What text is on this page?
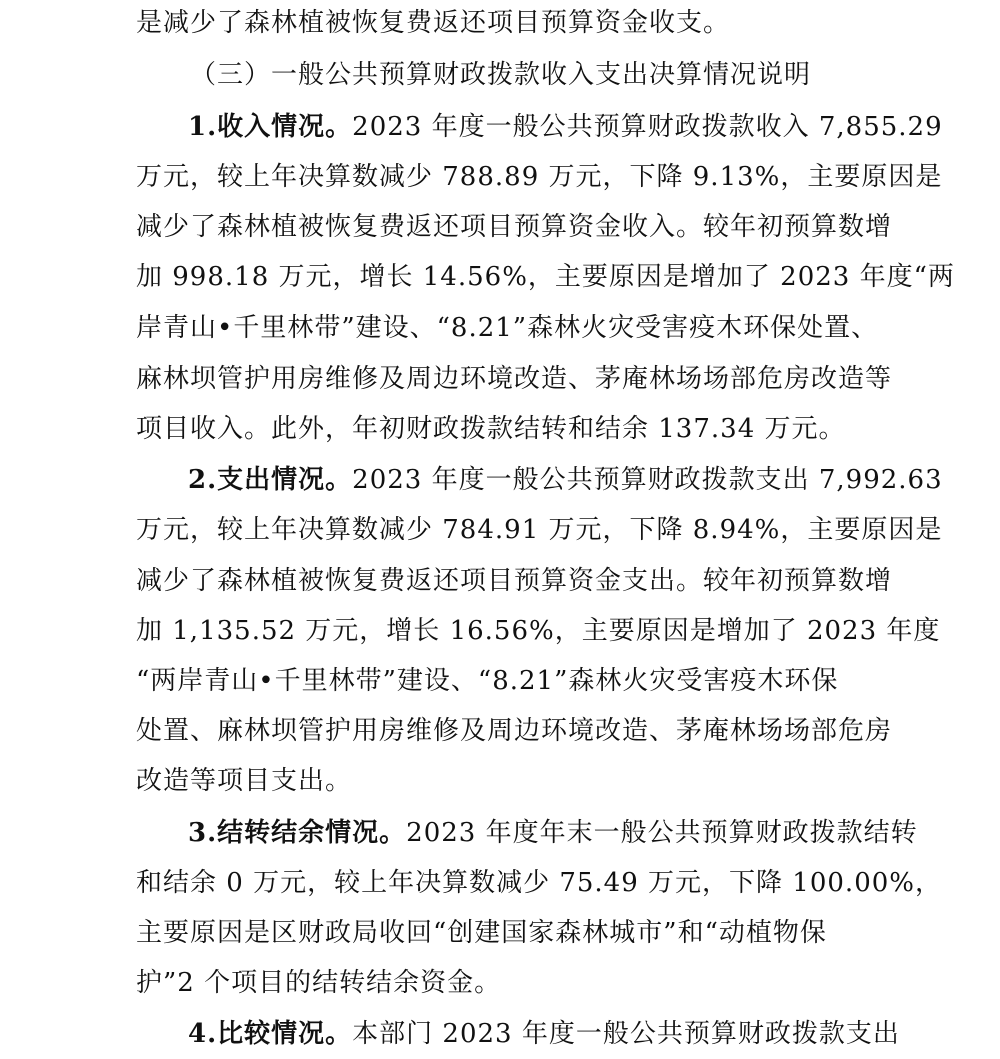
是减少了森林植被恢复费返还项目预算资金收支。
（三）一般公共预算财政拨款收入支出决算情况说明
1.收入情况。2023 年度一般公共预算财政拨款收入 7,855.29
万元，较上年决算数减少 788.89 万元，下降 9.13%，主要原因是
减少了森林植被恢复费返还项目预算资金收入。较年初预算数增
加 998.18 万元，增长 14.56%，主要原因是增加了 2023 年度“两
岸青山•千里林带”建设、“8.21”森林火灾受害疫木环保处置、
麻林坝管护用房维修及周边环境改造、茅庵林场场部危房改造等
项目收入。此外，年初财政拨款结转和结余 137.34 万元。
2.支出情况。2023 年度一般公共预算财政拨款支出 7,992.63
万元，较上年决算数减少 784.91 万元，下降 8.94%，主要原因是
减少了森林植被恢复费返还项目预算资金支出。较年初预算数增
加 1,135.52 万元，增长 16.56%，主要原因是增加了 2023 年度
“两岸青山•千里林带”建设、“8.21”森林火灾受害疫木环保
处置、麻林坝管护用房维修及周边环境改造、茅庵林场场部危房
改造等项目支出。
3.结转结余情况。2023 年度年末一般公共预算财政拨款结转
和结余 0 万元，较上年决算数减少 75.49 万元，下降 100.00%，
主要原因是区财政局收回“创建国家森林城市”和“动植物保
护”2 个项目的结转结余资金。
4.比较情况。本部门 2023 年度一般公共预算财政拨款支出
